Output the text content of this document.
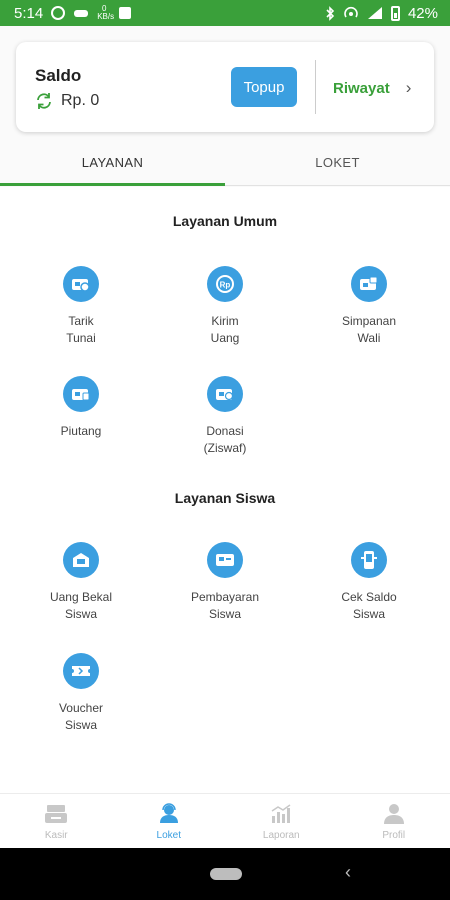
5:14	0
KB/s	42%
Saldo
Rp. 0
Topup	Riwayat ›
LAYANAN	LOKET
Layanan Umum
Tarik
Tunai
Rp
Kirim
Uang
Simpanan
Wali
Piutang	Donasi
(Ziswaf)
Layanan Siswa
Uang Bekal
Siswa
Pembayaran
Siswa
Cek Saldo
Siswa
Voucher
Siswa
Kasir	Loket	Laporan	Profil
‹
